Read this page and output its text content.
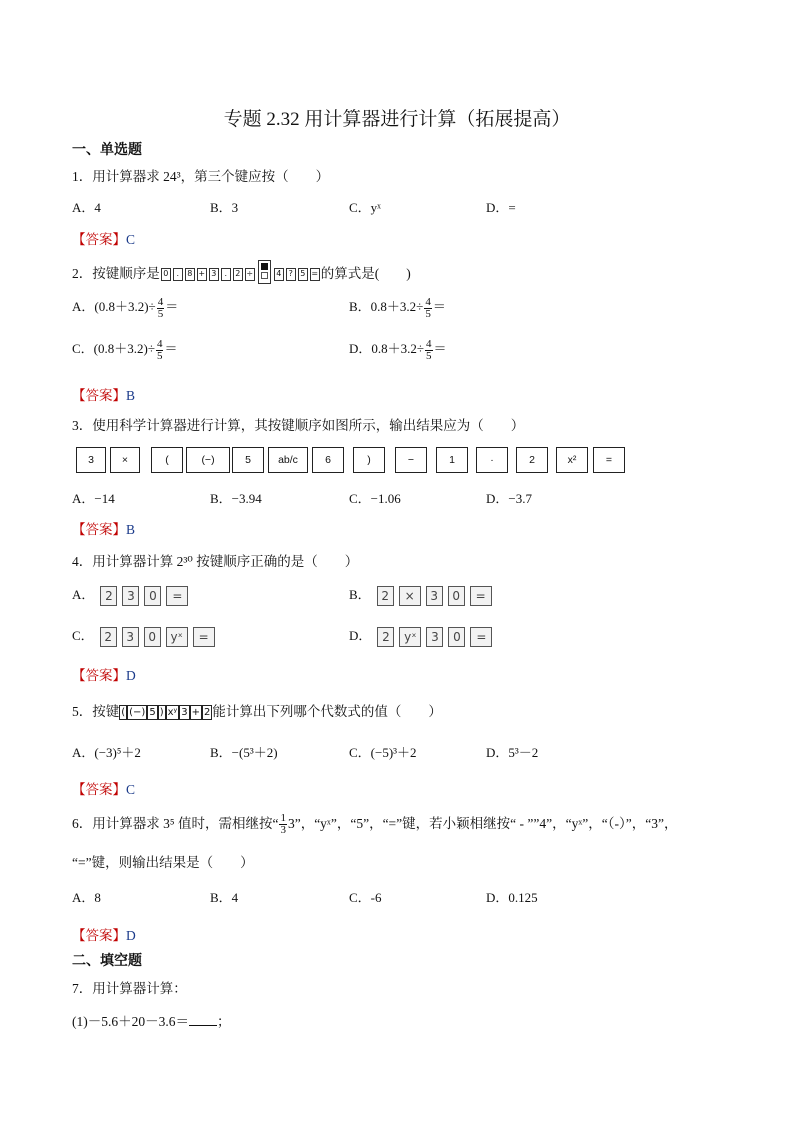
专题 2.32 用计算器进行计算（拓展提高）
一、单选题
1．用计算器求 24³，第三个键应按（　　）
A．4	B．3	C．yˣ	D．=
【答案】C
2．按键顺序是 0 . 8 + 3 . 2 ÷	4 ? 5 = 的算式是(　　)
A．$(0.8+3.2)\div \frac{4}{5}$ ＝	B．$0.8+3.2\div \frac{4}{5}$ ＝
C．$(0.8+3.2)\div \frac{4}{5}$ ＝	D．$0.8+3.2\div \frac{4}{5}$ ＝
【答案】B
3．使用科学计算器进行计算，其按键顺序如图所示，输出结果应为（　　）
3	×	(	(−)	5	ab/c	6	)	−	1	·	2	x²	=
A．−14	B．−3.94	C．−1.06	D．−3.7
【答案】B
4．用计算器计算 2³⁰ 按键顺序正确的是（　　）
A． 2 3 0 =	B． 2 × 3 0 =
C． 2 3 0 yˣ =	D． 2 yˣ 3 0 =
【答案】D
5．按键 ( (−) 5 ) xʸ 3 + 2 能计算出下列哪个代数式的值（　　）
A．(−3)⁵＋2	B．−(5³＋2)	C．(−5)³＋2	D．5³－2
【答案】C
6．用计算器求 3⁵ 值时，需相继按“ $\frac{1}{3} 3$”，“yˣ”，“5”，“=”键，若小颖相继按“ - ””4”，“yˣ”，“（-）”，“3”，
“=”键，则输出结果是（　　）
A．8	B．4	C．-6	D．0.125
【答案】D
二、填空题
7．用计算器计算：
(1)－5.6＋20－3.6＝ ；
